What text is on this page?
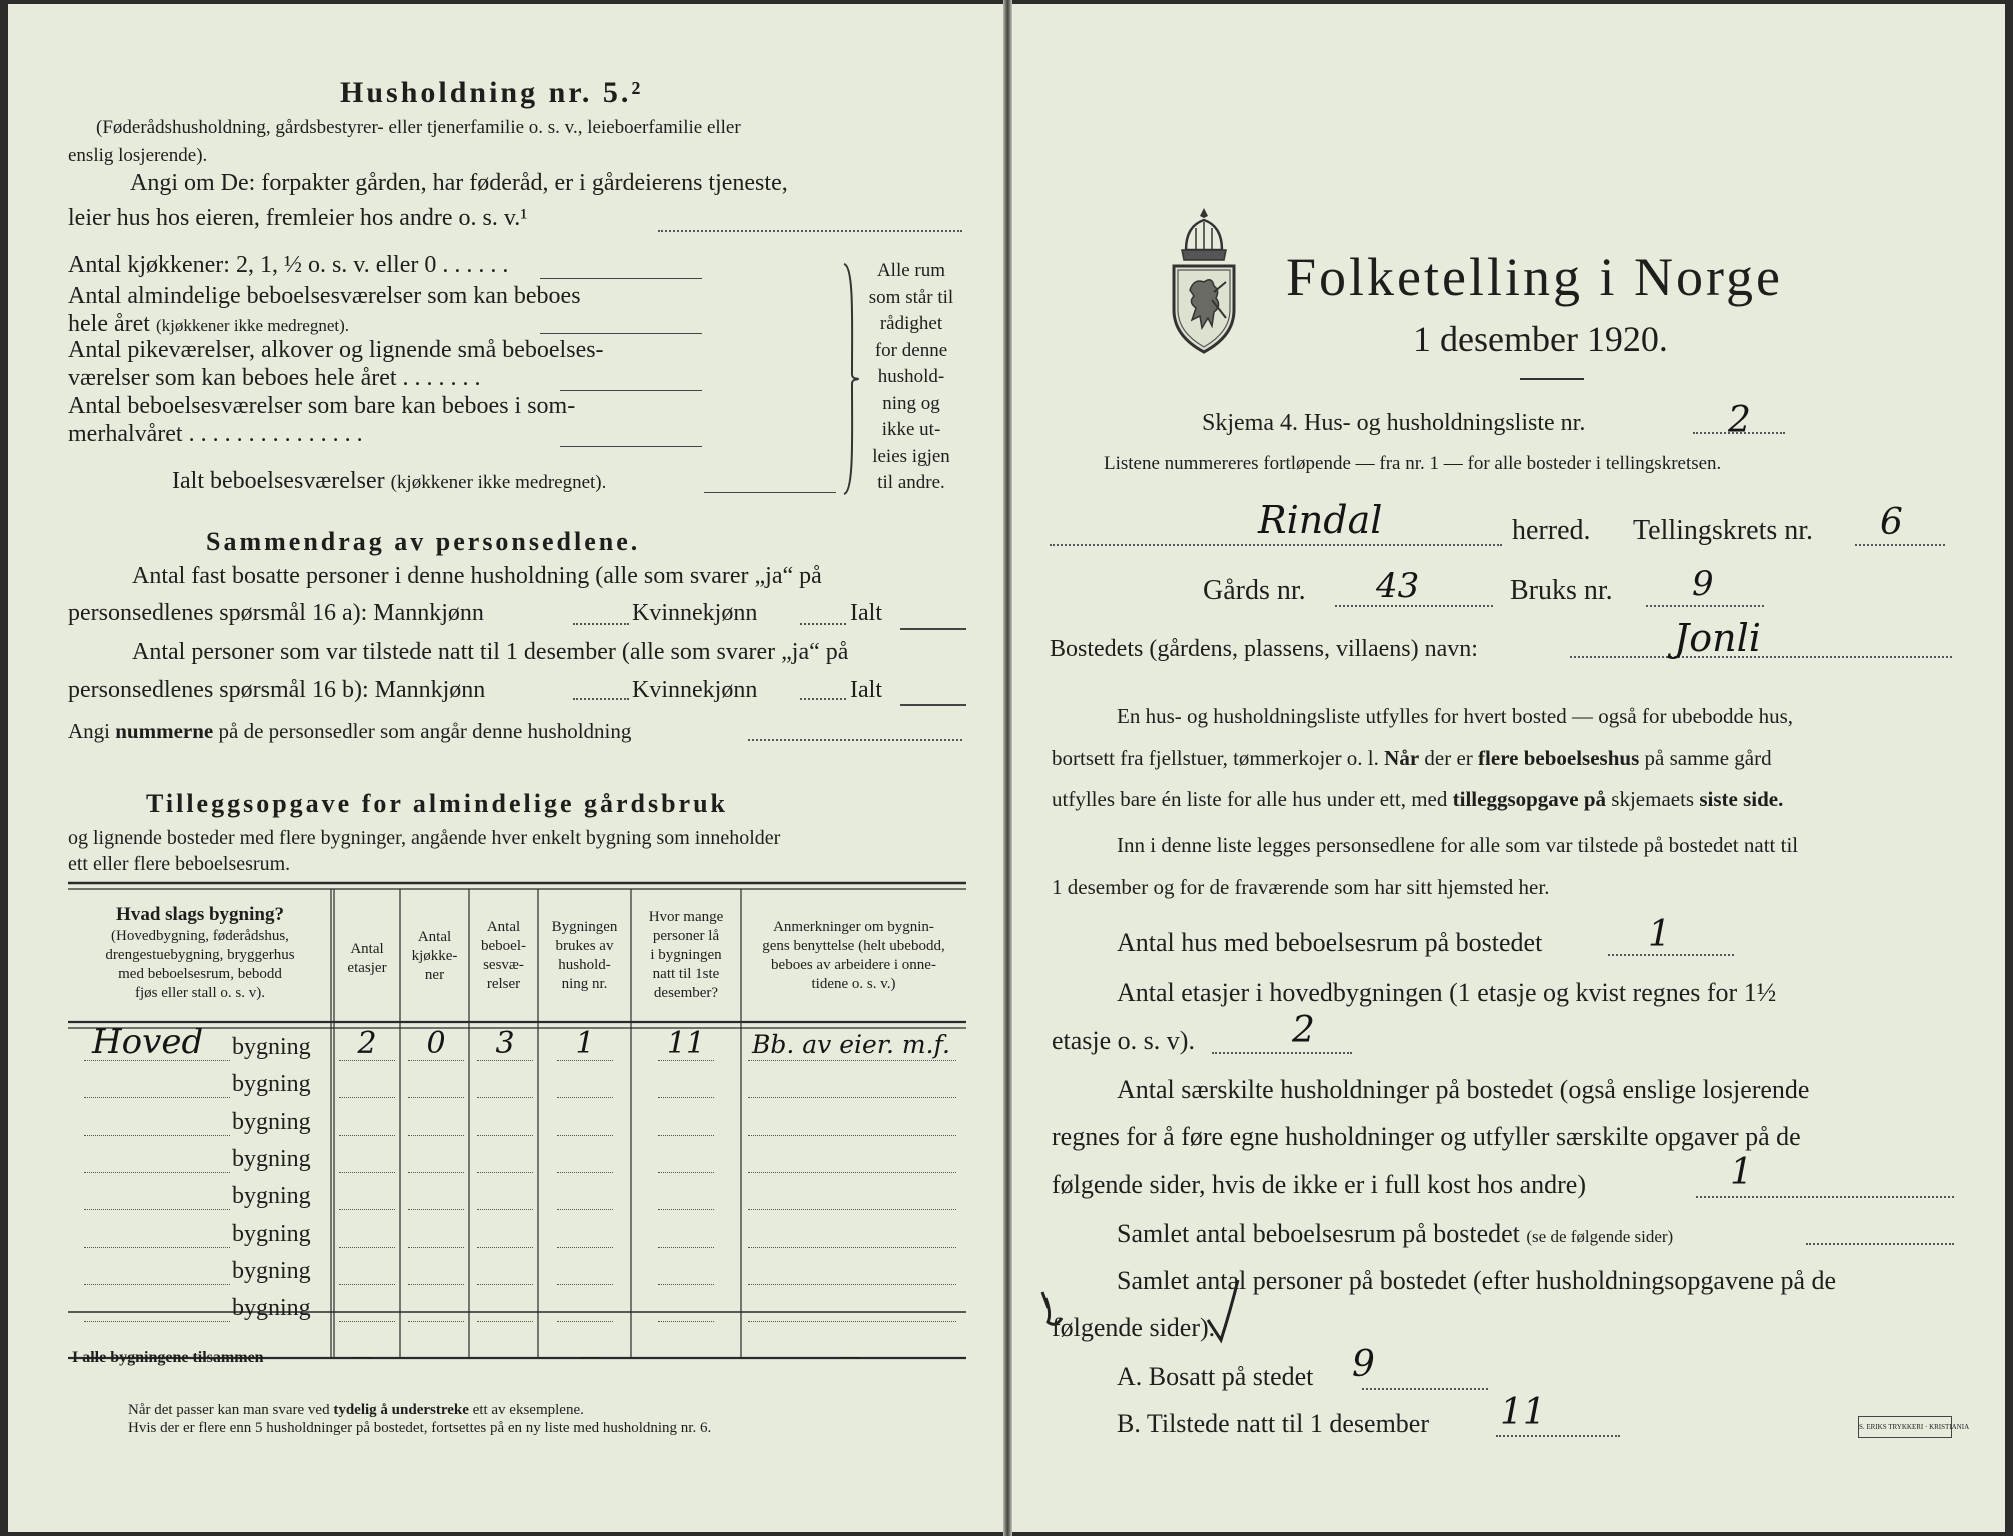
Husholdning nr. 5.²
(Føderådshusholdning, gårdsbestyrer- eller tjenerfamilie o. s. v., leieboerfamilie eller
enslig losjerende).
Angi om De: forpakter gården, har føderåd, er i gårdeierens tjeneste,
leier hus hos eieren, fremleier hos andre o. s. v.¹
Antal kjøkkener: 2, 1, ½ o. s. v. eller 0 . . . . . .
Antal almindelige beboelsesværelser som kan beboes
hele året (kjøkkener ikke medregnet).
Antal pikeværelser, alkover og lignende små beboelses-
værelser som kan beboes hele året . . . . . . .
Antal beboelsesværelser som bare kan beboes i som-
merhalvåret . . . . . . . . . . . . . . .
Ialt beboelsesværelser (kjøkkener ikke medregnet).
Alle rum
som står til
rådighet
for denne
hushold-
ning og
ikke ut-
leies igjen
til andre.
Sammendrag av personsedlene.
Antal fast bosatte personer i denne husholdning (alle som svarer „ja“ på
personsedlenes spørsmål 16 a): Mannkjønn	Kvinnekjønn	Ialt
Antal personer som var tilstede natt til 1 desember (alle som svarer „ja“ på
personsedlenes spørsmål 16 b): Mannkjønn	Kvinnekjønn	Ialt
Angi nummerne på de personsedler som angår denne husholdning
Tilleggsopgave for almindelige gårdsbruk
og lignende bosteder med flere bygninger, angående hver enkelt bygning som inneholder
ett eller flere beboelsesrum.
Hvad slags bygning?
(Hovedbygning, føderådshus,
drengestuebygning, bryggerhus
med beboelsesrum, bebodd
fjøs eller stall o. s. v).
Antal
etasjer
Antal
kjøkke-
ner
Antal
beboel-
sesvæ-
relser
Bygningen
brukes av
hushold-
ning nr.
Hvor mange
personer lå
i bygningen
natt til 1ste
desember?
Anmerkninger om bygnin-
gens benyttelse (helt ubebodd,
beboes av arbeidere i onne-
tidene o. s. v.)
Hoved bygning	2	0	3	1	11	Bb. av eier. m.f.
bygning
bygning
bygning
bygning
bygning
bygning
bygning
I alle bygningene tilsammen	—	—	—
Når det passer kan man svare ved tydelig å understreke ett av eksemplene.
Hvis der er flere enn 5 husholdninger på bostedet, fortsettes på en ny liste med husholdning nr. 6.
Folketelling i Norge
1 desember 1920.
Skjema 4. Hus- og husholdningsliste nr.	2
Listene nummereres fortløpende — fra nr. 1 — for alle bosteder i tellingskretsen.
Rindal	herred. Tellingskrets nr. 6
Gårds nr. 43	Bruks nr. 9
Bostedets (gårdens, plassens, villaens) navn:	Jonli
En hus- og husholdningsliste utfylles for hvert bosted — også for ubebodde hus,
bortsett fra fjellstuer, tømmerkojer o. l. Når der er flere beboelseshus på samme gård
utfylles bare én liste for alle hus under ett, med tilleggsopgave på skjemaets siste side.
Inn i denne liste legges personsedlene for alle som var tilstede på bostedet natt til
1 desember og for de fraværende som har sitt hjemsted her.
Antal hus med beboelsesrum på bostedet	1
Antal etasjer i hovedbygningen (1 etasje og kvist regnes for 1½
etasje o. s. v).	2
Antal særskilte husholdninger på bostedet (også enslige losjerende
regnes for å føre egne husholdninger og utfyller særskilte opgaver på de
følgende sider, hvis de ikke er i full kost hos andre)	1
Samlet antal beboelsesrum på bostedet (se de følgende sider)
Samlet antal personer på bostedet (efter husholdningsopgavene på de
følgende sider).
A. Bosatt på stedet 9
B. Tilstede natt til 1 desember 11	S. ERIKS TRYKKERI · KRISTIANIA
